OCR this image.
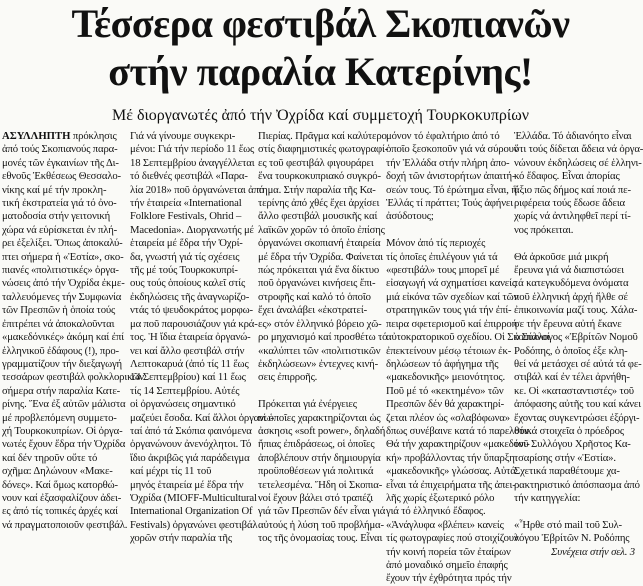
Τέσσερα φεστιβάλ Σκοπιανῶν
στήν παραλία Κατερίνης!
Μέ διοργανωτές ἀπό τήν Ὀχρίδα καί συμμετοχή Τουρκοκυπρίων
ΑΣΥΛΛΗΠΤΗ πρόκλησις
ἀπό τούς Σκοπιανούς παρα-
μονές τῶν ἐγκαινίων τῆς Δι-
εθνοῦς Ἐκθέσεως Θεσσαλο-
νίκης καί μέ τήν προκλη-
τική ἐκστρατεία γιά τό ὀνο-
ματοδοσία στήν γειτονική
χώρα νά εὑρίσκεται ἐν πλή-
ρει ἐξελίξει. Ὅπως ἀποκαλύ-
πτει σήμερα ἡ «Ἑστία», σκο-
πιανές «πολιτιστικές» ὀργα-
νώσεις ἀπό τήν Ὀχρίδα ἐκμε-
ταλλευόμενες τήν Συμφωνία
τῶν Πρεσπῶν ἡ ὁποία τούς
ἐπιτρέπει νά ἀποκαλοῦνται
«μακεδόνικές» ἀκόμη καί ἐπί
ἑλληνικοῦ ἐδάφους (!), προ-
γραμματίζουν τήν διεξαγωγή
τεσσάρων φεστιβάλ φολκλορικῶν
σήμερα στήν παραλία Κατε-
ρίνης. Ἕνα ἐξ αὐτῶν μάλιστα
μέ προβλεπόμενη συμμετο-
χή Τουρκοκυπρίων. Οἱ ὀργα-
νωτές ἔχουν ἕδρα τήν Ὀχρίδα
καί δέν τηροῦν οὔτε τό
σχῆμα: Δηλώνουν «Μακε-
δόνες». Καί ὅμως κατορθώ-
νουν καί ἐξασφαλίζουν ἀδει-
ες ἀπό τίς τοπικές ἀρχές καί
νά πραγματοποιοῦν φεστιβάλ.
Γιά νά γίνουμε συγκεκρι-
μένοι: Γιά τήν περίοδο 11 ἕως
18 Σεπτεμβρίου ἀναγγέλλεται
τό διεθνές φεστιβάλ «Παρα-
λία 2018» ποῦ ὀργανώνεται ἀπό
τήν ἑταιρεία «International
Folklore Festivals, Ohrid –
Macedonia». Διοργανωτής μέ
ἑταιρεία μέ ἕδρα τήν Ὀχρί-
δα, γνωστή γιά τίς σχέσεις
τῆς μέ τούς Τουρκοκυπρί-
ους τούς ὁποίους καλεῖ στίς
ἐκδηλώσεις τῆς ἀναγνωρίζο-
ντάς τό ψευδοκράτος μορφω-
μα ποῦ παρουσιάζουν γιά κρά-
τος. Ἡ ἴδια ἑταιρεία ὀργανώ-
νει καί ἄλλο φεστιβάλ στήν
Λεπτοκαρυά (ἀπό τίς 11 ἕως
14 Σεπτεμβρίου) καί 11 ἕως
τίς 14 Σεπτεμβρίου. Αὐτές
οἱ ὀργανώσεις σημαντικό
μαζεύει ἔσοδα. Καί ἄλλοι ὀργανω-
ταί ἀπό τά Σκόπια φαινόμενα
ὀργανώνουν ἀνενόχλητοι. Τό
ἴδιο ἀκριβῶς γιά παράδειγμα
καί μέχρι τίς 11 τοῦ
μηνός ἑταιρεία μέ ἕδρα τήν
Ὀχρίδα (MIOFF-Multicultural
International Organization Of
Festivals) ὀργανώνει φεστιβάλ
χορῶν στήν παραλία τῆς
Πιερίας. Πρᾶγμα καί καλύτερο
στίς διαφημιστικές φωτογραφί-
ες τοῦ φεστιβάλ φιγουράρει
ἕνα τουρκοκυπριακό συγκρό-
τημα. Στήν παραλία τῆς Κα-
τερίνης ἀπό χθές ἔχει ἀρχίσει
ἄλλο φεστιβάλ μουσικῆς καί
λαϊκῶν χορῶν τό ὁποῖο ἐπίσης
ὀργανώνει σκοπιανή ἑταιρεία
μέ ἕδρα τήν Ὀχρίδα. Φαίνεται
πώς πρόκειται γιά ἕνα δίκτυο
ποῦ ὀργανώνει κινήσεις ἔπι-
στροφῆς καί καλό τό ὁποῖο
ἔχει ἀναλάβει «ἐκστρατεί-
ες» στόν ἑλληνικό βόρειο χῶ-
ρο μηχανισμό καί προσθέτω τό
«καλύπτει τῶν «πολιτιστικῶν
ἐκδηλώσεων» ἐντεχνες κινή-
σεις ἐπιρροῆς.

Πρόκειται γιά ἐνέργειες
οἱ ὁποῖες χαρακτηρίζονται ὡς
ἀσκησις «soft power», δηλαδή
ἤπιας ἐπιδράσεως, οἱ ὁποῖες
ἀποβλέπουν στήν δημιουργία
προϋποθέσεων γιά πολιτικά
τετελεσμένα. Ἤδη οἱ Σκοπια-
νοί ἔχουν βάλει στό τραπέζι
γιά τῶν Πρεσπῶν δέν εἶναι γιά
αὐτούς ἡ λύση τοῦ προβλήμα-
τος τῆς ὀνομασίας τους. Εἶναι
μόνον τό ἐφαλτήριο ἀπό τό
ὁποῖο ξεσκοποῦν γιά νά σύρουν
τήν Ἑλλάδα στήν πλήρη ἀπο-
δοχή τῶν ἀνιστορήτων ἀπαιτή-
σεών τους. Τό ἐρώτημα εἶναι, ἡ
Ἑλλάς τί πράττει; Τούς ἀφήνει
ἀσύδοτους;

Μόνον ἀπό τίς περιοχές
τίς ὁποῖες ἐπιλέγουν γιά τά
«φεστιβάλ» τους μπορεῖ μέ
εἰσαγωγή νά σχηματίσει κανείς
μιά εἰκόνα τῶν σχεδίων καί τῶν
στρατηγικῶν τους γιά τήν ἐπί-
πειρα σφετερισμοῦ καί ἐπιρροή
αὐτοκρατορικοῦ σχεδίου. Οἱ Σκοπιανοί
ἐπεκτείνουν μέσῳ τέτοιων ἐκ-
δηλώσεων τό ἀφήγημα τῆς
«μακεδονικῆς» μειονότητος.
Ποῦ μέ τό «κεκτημένο» τῶν
Πρεσπῶν δέν θά χαρακτηρί-
ζεται πλέον ὡς «σλαβόφωνα»
δπως συνέβαινε κατά τό παρελθόν.
Θά τήν χαρακτηρίζουν «μακεδόνι-
κή» προβάλλοντας τήν ὕπαρξη
«μακεδονικῆς» γλώσσας. Αὐτά
εἶναι τά ἐπιχειρήματα τῆς ἀπει-
λῆς χωρίς ἐξωτερικό ρόλο
γιά τό ἑλληνικό ἔδαφος.
«Ἀνάγλυφα «βλέπει» κανείς
τίς φωτογραφίες πού στοιχίζουν
τήν κοινή πορεία τῶν ἐταίρων
ἀπό μοναδικό σημεῖο ἐπαφής
ἔχουν τήν ἐχθρότητα πρός τήν
Ἑλλάδα. Τό ἀδιανόητο εἶναι
ὅτι τούς δίδεται ἄδεια νά ὀργα-
νώνουν ἐκδηλώσεις σέ ἑλληνι-
κό ἔδαφος. Εἶναι ἀπορίας
ἄξιο πῶς δήμος καί ποιά πε-
ριφέρεια τούς ἔδωσε ἄδεια
χωρίς νά ἀντιληφθεῖ περί τί-
νος πρόκειται.

Θά ἀρκοῦσε μιά μικρή
ἔρευνα γιά νά διαπιστώσει
τά κατεγκυδόμενα ὀνόματα
ποῦ ἑλληνική ἀρχή ἤλθε σέ
ἐπικοινωνία μαζί τους. Χάλα-
σε τήν ἔρευνα αὐτή ἔκανε
ὁ Σύλλογος «Ἐβρίτῶν Νομοῦ
Ροδόπης, ὁ ὁποῖος ἐξε κλη-
θεί νά μετάσχει σέ αὐτά τά φε-
στιβάλ καί ἐν τέλει ἀρνήθη-
κε. Οἱ «κατασταντιστές» τοῦ
ἀπόφασης αὐτῆς του καί κάνει
ἔχοντας συγκεντρώσει ἐξόργι-
στικά στοιχεῖα ὁ πρόεδρος
τοῦ Συλλόγου Χρῆστος Κα-
τσαρίσης στήν «Ἑστία».
Σχετικά παραθέτουμε χα-
ρακτηριστικό ἀπόσπασμα ἀπό
τήν κατηγγελία:

«Ἦρθε στό mail τοῦ Συλ-
λόγου Ἐβρίτῶν Ν. Ροδόπης
Συνέχεια στήν σελ. 3
